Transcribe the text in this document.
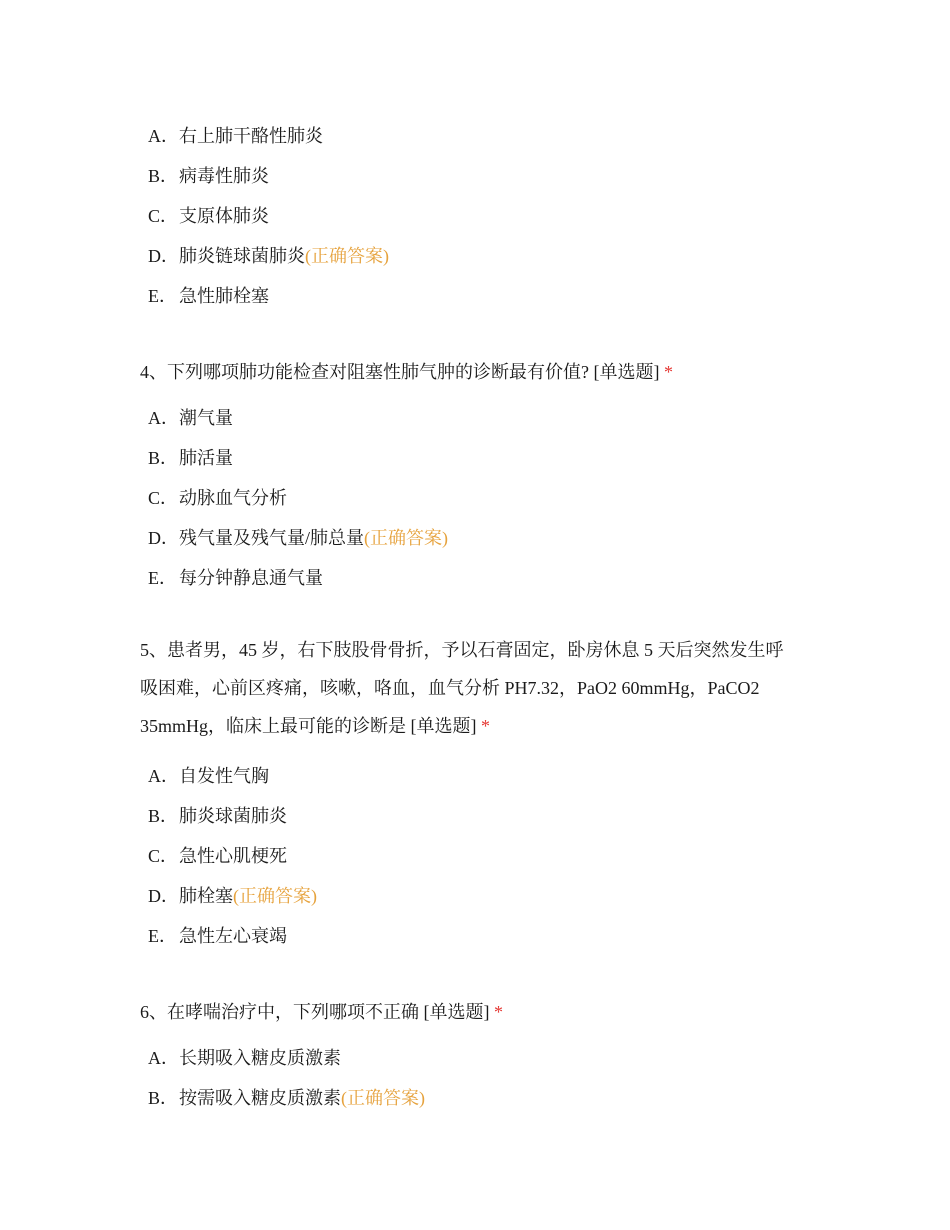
A．右上肺干酪性肺炎
B．病毒性肺炎
C．支原体肺炎
D．肺炎链球菌肺炎(正确答案)
E． 急性肺栓塞
4、下列哪项肺功能检查对阻塞性肺气肿的诊断最有价值? [单选题] *
A．潮气量
B．肺活量
C．动脉血气分析
D．残气量及残气量/肺总量(正确答案)
E． 每分钟静息通气量
5、患者男，45 岁，右下肢股骨骨折，予以石膏固定，卧房休息 5 天后突然发生呼
吸困难，心前区疼痛，咳嗽，咯血，血气分析 PH7.32，PaO2 60mmHg，PaCO2
35mmHg，临床上最可能的诊断是 [单选题] *
A．自发性气胸
B．肺炎球菌肺炎
C．急性心肌梗死
D．肺栓塞(正确答案)
E． 急性左心衰竭
6、在哮喘治疗中，下列哪项不正确 [单选题] *
A．长期吸入糖皮质激素
B．按需吸入糖皮质激素(正确答案)
